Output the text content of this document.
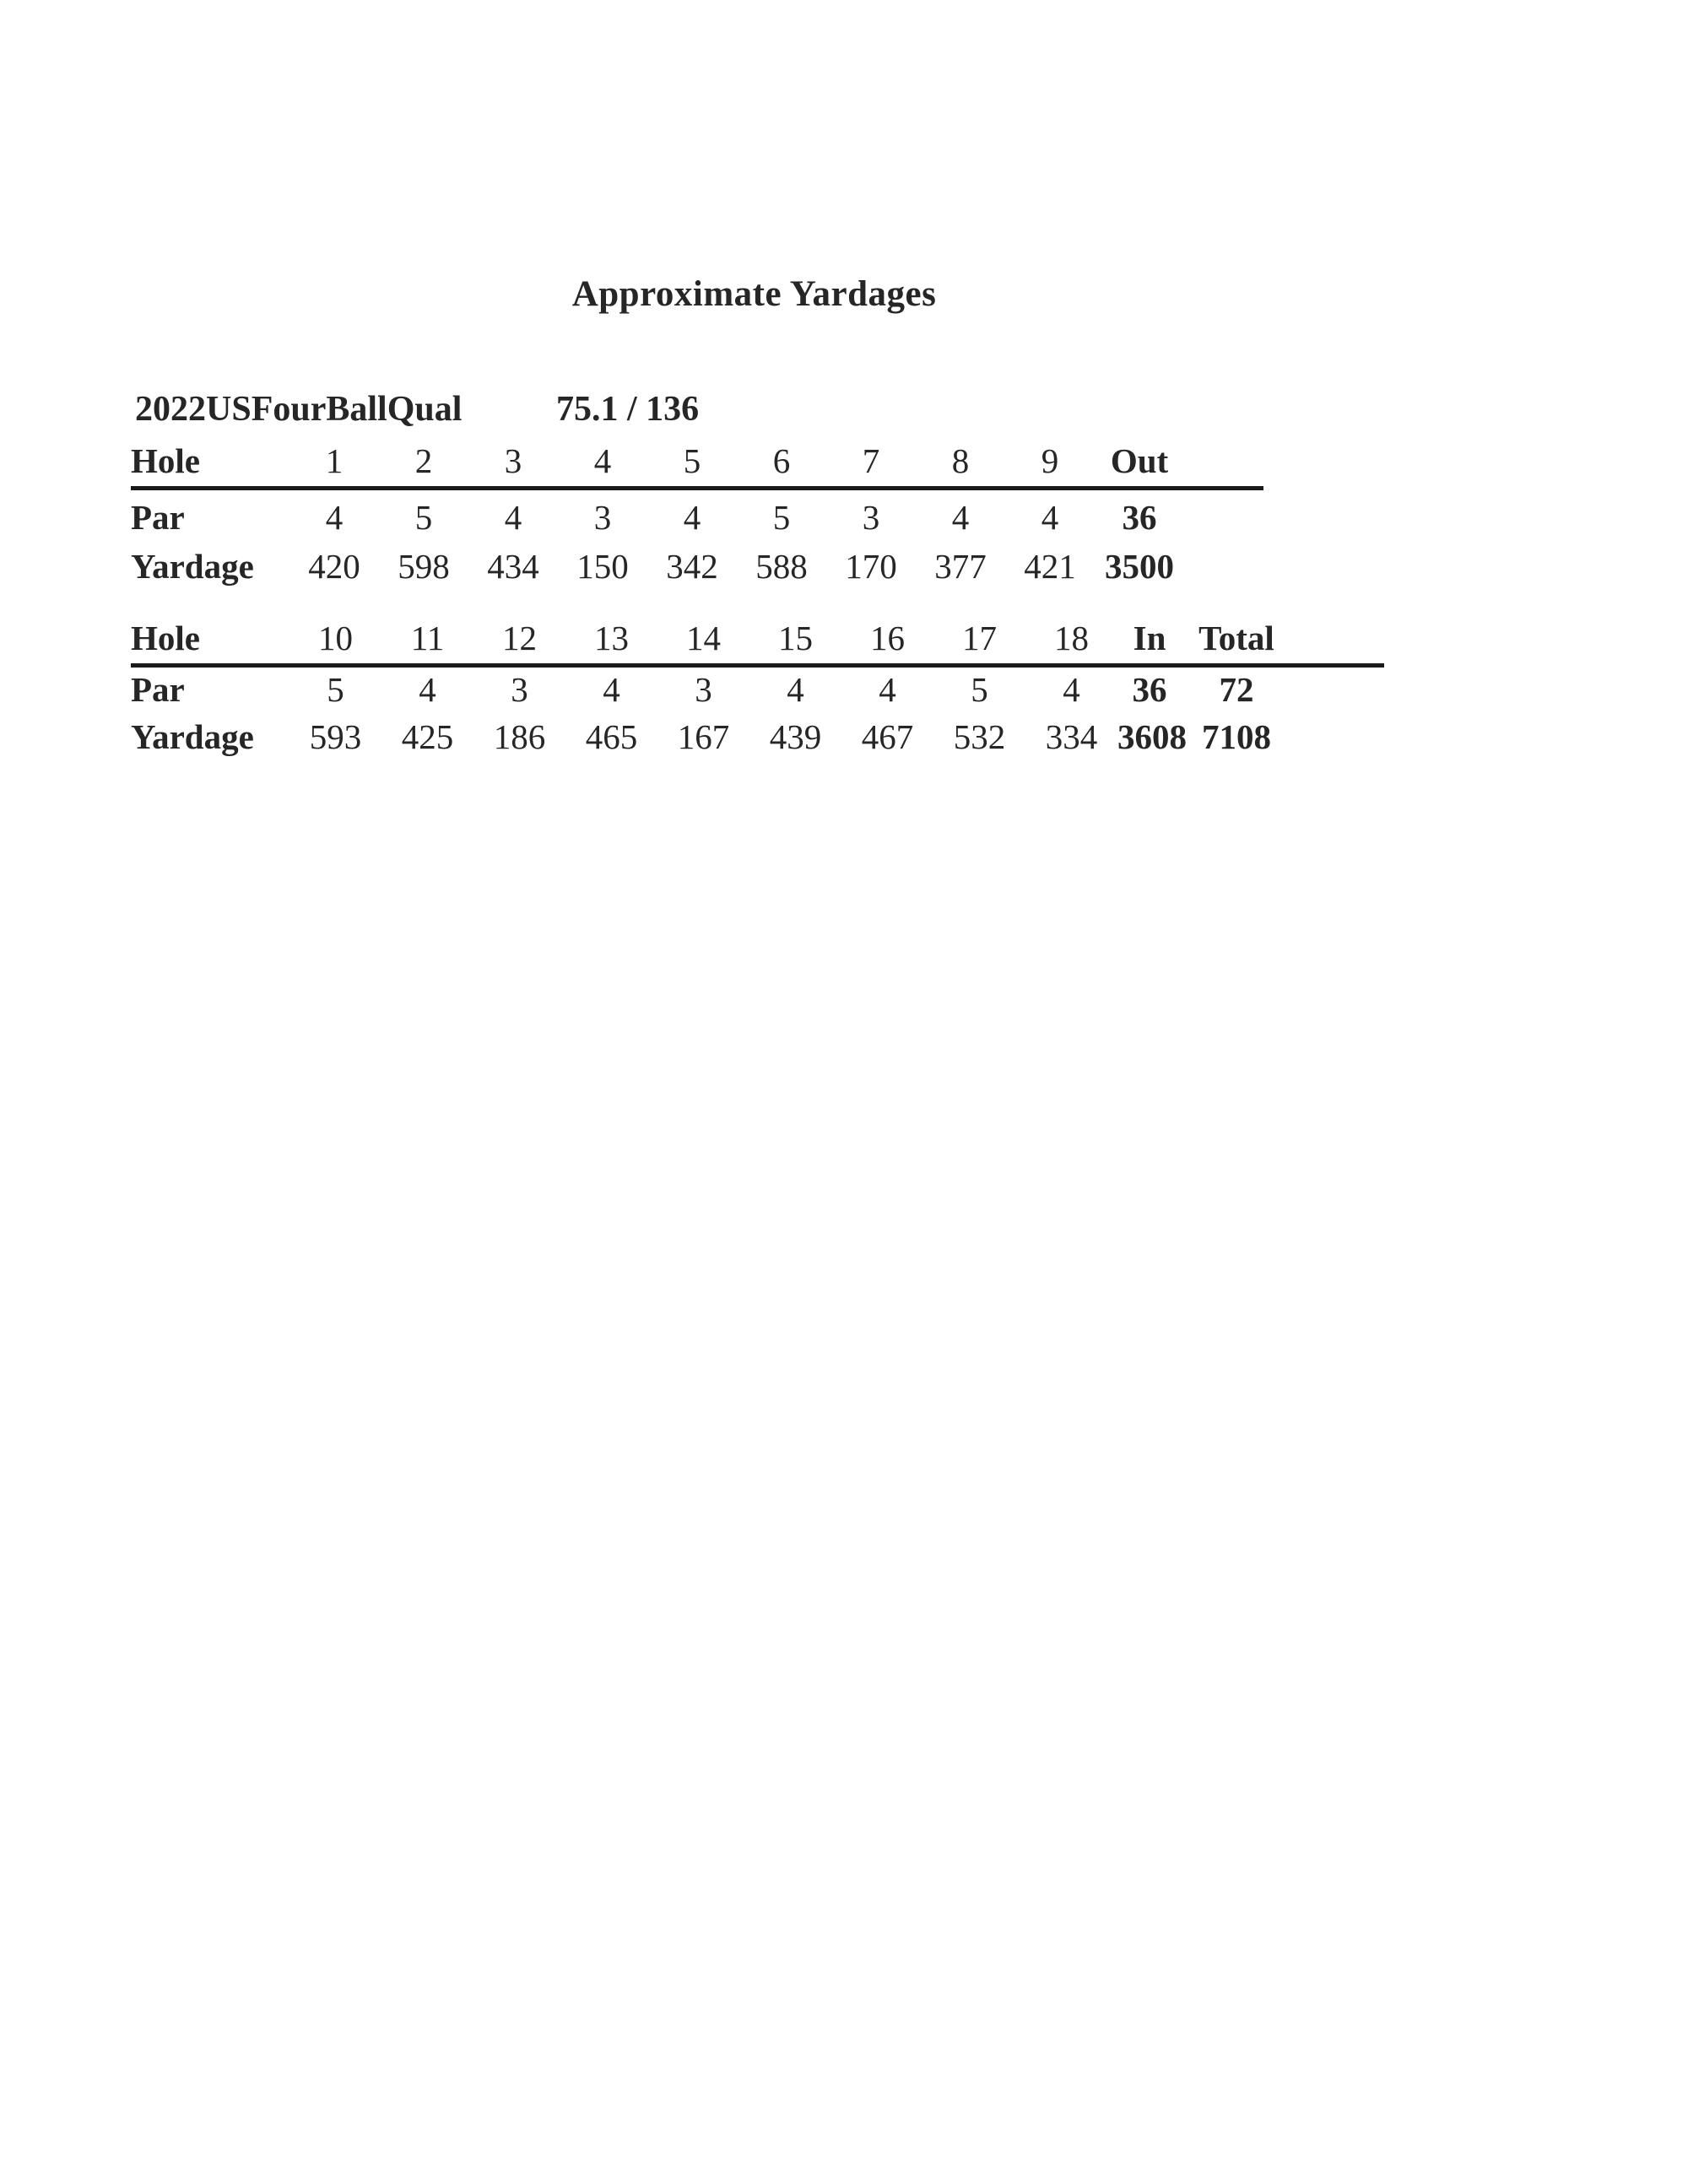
Approximate Yardages
2022USFourBallQual	75.1 / 136
Hole	1	2	3	4	5	6	7	8	9	Out	
Par	4	5	4	3	4	5	3	4	4	36	
Yardage	420	598	434	150	342	588	170	377	421	3500	
Hole	10	11	12	13	14	15	16	17	18	In	Total	
Par	5	4	3	4	3	4	4	5	4	36	72	
Yardage	593	425	186	465	167	439	467	532	334	3608	7108	
